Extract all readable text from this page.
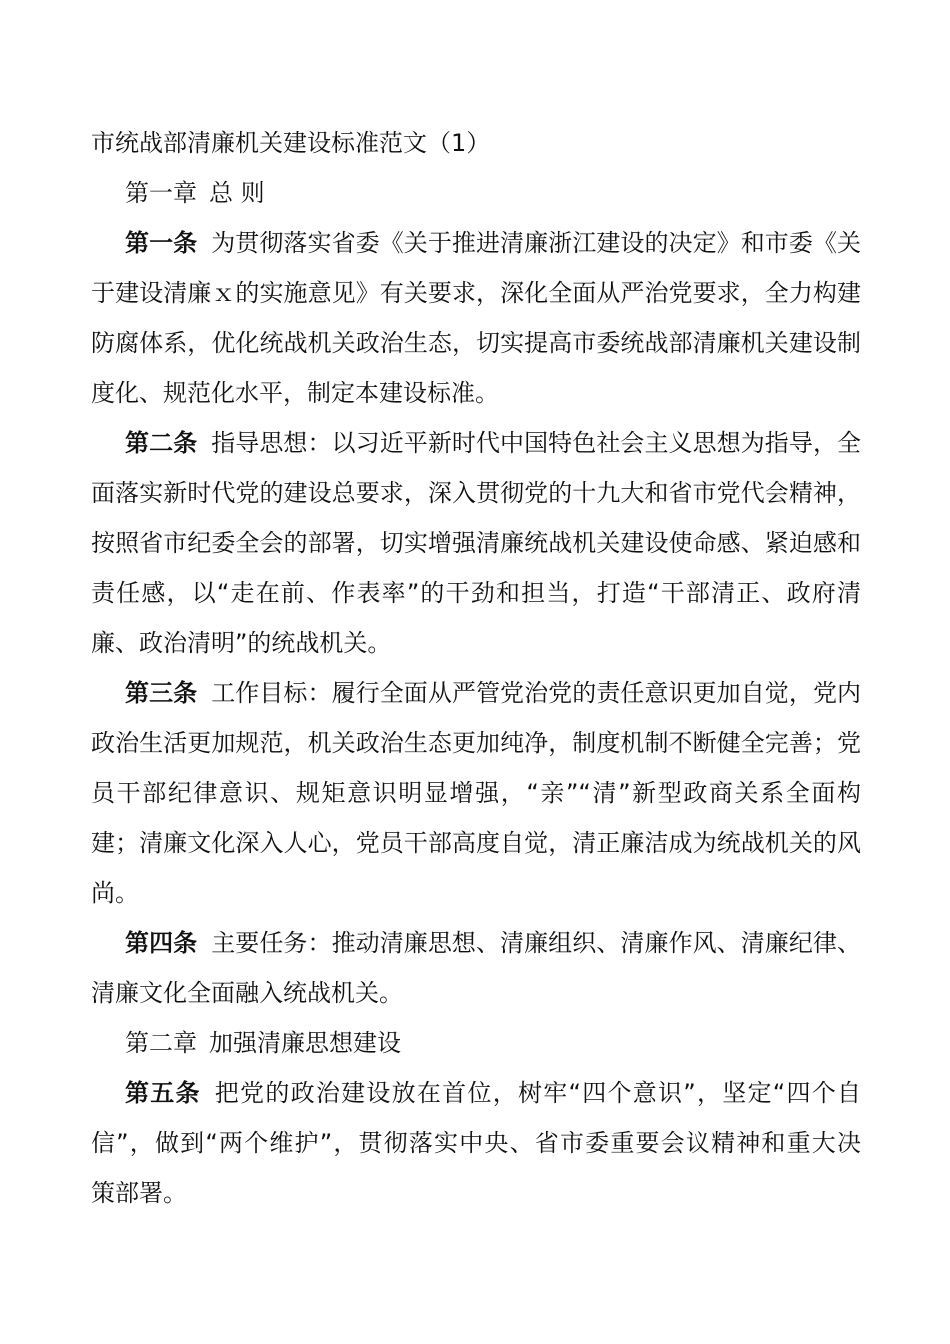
市统战部清廉机关建设标准范文（1）
第一章 总 则
第一条 为贯彻落实省委《关于推进清廉浙江建设的决定》和市委《关
于建设清廉ｘ的实施意见》有关要求，深化全面从严治党要求，全力构建
防腐体系，优化统战机关政治生态，切实提高市委统战部清廉机关建设制
度化、规范化水平，制定本建设标准。
第二条 指导思想：以习近平新时代中国特色社会主义思想为指导，全
面落实新时代党的建设总要求，深入贯彻党的十九大和省市党代会精神，
按照省市纪委全会的部署，切实增强清廉统战机关建设使命感、紧迫感和
责任感，以“走在前、作表率”的干劲和担当，打造“干部清正、政府清
廉、政治清明”的统战机关。
第三条 工作目标：履行全面从严管党治党的责任意识更加自觉，党内
政治生活更加规范，机关政治生态更加纯净，制度机制不断健全完善；党
员干部纪律意识、规矩意识明显增强，“亲”“清”新型政商关系全面构
建；清廉文化深入人心，党员干部高度自觉，清正廉洁成为统战机关的风
尚。
第四条 主要任务：推动清廉思想、清廉组织、清廉作风、清廉纪律、
清廉文化全面融入统战机关。
第二章 加强清廉思想建设
第五条 把党的政治建设放在首位，树牢“四个意识”，坚定“四个自
信”，做到“两个维护”，贯彻落实中央、省市委重要会议精神和重大决
策部署。
